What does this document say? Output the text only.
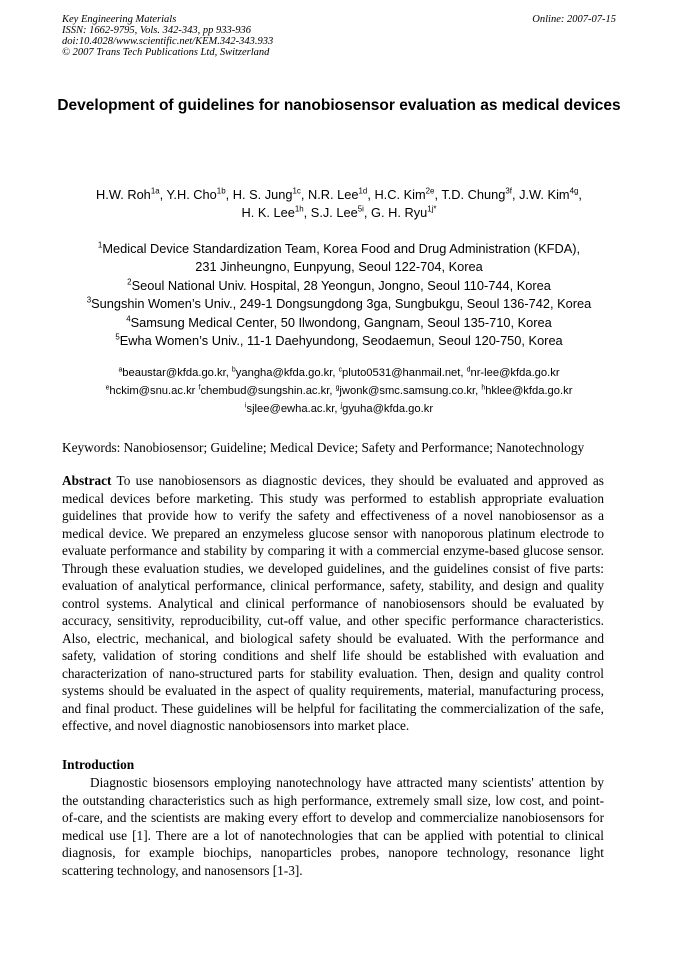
Key Engineering Materials	Online: 2007-07-15
ISSN: 1662-9795, Vols. 342-343, pp 933-936
doi:10.4028/www.scientific.net/KEM.342-343.933
© 2007 Trans Tech Publications Ltd, Switzerland
Development of guidelines for nanobiosensor evaluation as medical devices
H.W. Roh$^{1a}$, Y.H. Cho$^{1b}$, H. S. Jung$^{1c}$, N.R. Lee$^{1d}$, H.C. Kim$^{2e}$, T.D. Chung$^{3f}$, J.W. Kim$^{4g}$,
H. K. Lee$^{1h}$, S.J. Lee$^{5i}$, G. H. Ryu$^{1j*}$
$^1$Medical Device Standardization Team, Korea Food and Drug Administration (KFDA),
231 Jinheungno, Eunpyung, Seoul 122-704, Korea
$^2$Seoul National Univ. Hospital, 28 Yeongun, Jongno, Seoul 110-744, Korea
$^3$Sungshin Women’s Univ., 249-1 Dongsungdong 3ga, Sungbukgu, Seoul 136-742, Korea
$^4$Samsung Medical Center, 50 Ilwondong, Gangnam, Seoul 135-710, Korea
$^5$Ewha Women’s Univ., 11-1 Daehyundong, Seodaemun, Seoul 120-750, Korea
$^a$beaustar@kfda.go.kr, $^b$yangha@kfda.go.kr, $^c$pluto0531@hanmail.net, $^d$nr-lee@kfda.go.kr
$^e$hckim@snu.ac.kr $^f$chembud@sungshin.ac.kr, $^g$jwonk@smc.samsung.co.kr, $^h$hklee@kfda.go.kr
$^i$sjlee@ewha.ac.kr, $^j$gyuha@kfda.go.kr
Keywords: Nanobiosensor; Guideline; Medical Device; Safety and Performance; Nanotechnology
Abstract To use nanobiosensors as diagnostic devices, they should be evaluated and approved as medical devices before marketing. This study was performed to establish appropriate evaluation guidelines that provide how to verify the safety and effectiveness of a novel nanobiosensor as a medical device. We prepared an enzymeless glucose sensor with nanoporous platinum electrode to evaluate performance and stability by comparing it with a commercial enzyme-based glucose sensor. Through these evaluation studies, we developed guidelines, and the guidelines consist of five parts: evaluation of analytical performance, clinical performance, safety, stability, and design and quality control systems. Analytical and clinical performance of nanobiosensors should be evaluated by accuracy, sensitivity, reproducibility, cut-off value, and other specific performance characteristics. Also, electric, mechanical, and biological safety should be evaluated. With the performance and safety, validation of storing conditions and shelf life should be established with evaluation and characterization of nano-structured parts for stability evaluation. Then, design and quality control systems should be evaluated in the aspect of quality requirements, material, manufacturing process, and final product. These guidelines will be helpful for facilitating the commercialization of the safe, effective, and novel diagnostic nanobiosensors into market place.
Introduction
Diagnostic biosensors employing nanotechnology have attracted many scientists' attention by the outstanding characteristics such as high performance, extremely small size, low cost, and point-of-care, and the scientists are making every effort to develop and commercialize nanobiosensors for medical use [1]. There are a lot of nanotechnologies that can be applied with potential to clinical diagnosis, for example biochips, nanoparticles probes, nanopore technology, resonance light scattering technology, and nanosensors [1-3].
